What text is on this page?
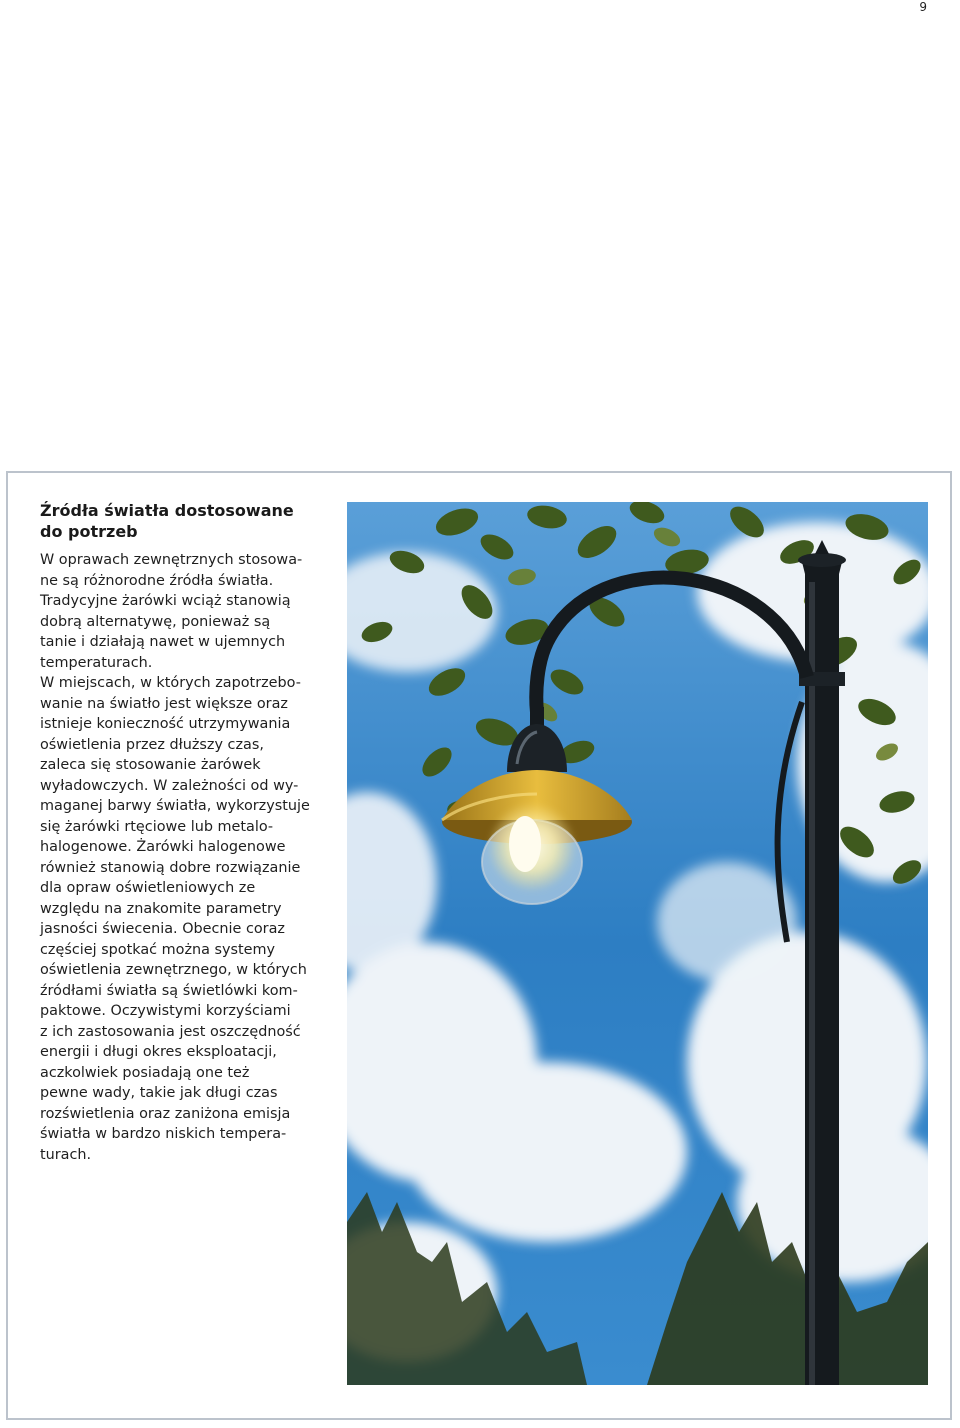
9
Źródła światła dostosowane
do potrzeb

W oprawach zewnętrznych stosowa-
ne są różnorodne źródła światła.
Tradycyjne żarówki wciąż stanowią
dobrą alternatywę, ponieważ są
tanie i działają nawet w ujemnych
temperaturach.
W miejscach, w których zapotrzebo-
wanie na światło jest większe oraz
istnieje konieczność utrzymywania
oświetlenia przez dłuższy czas,
zaleca się stosowanie żarówek
wyładowczych. W zależności od wy-
maganej barwy światła, wykorzystuje
się żarówki rtęciowe lub metalo-
halogenowe. Żarówki halogenowe
również stanowią dobre rozwiązanie
dla opraw oświetleniowych ze
względu na znakomite parametry
jasności świecenia. Obecnie coraz
częściej spotkać można systemy
oświetlenia zewnętrznego, w których
źródłami światła są świetlówki kom-
paktowe. Oczywistymi korzyściami
z ich zastosowania jest oszczędność
energii i długi okres eksploatacji,
aczkolwiek posiadają one też
pewne wady, takie jak długi czas
rozświetlenia oraz zaniżona emisja
światła w bardzo niskich tempera-
turach.
